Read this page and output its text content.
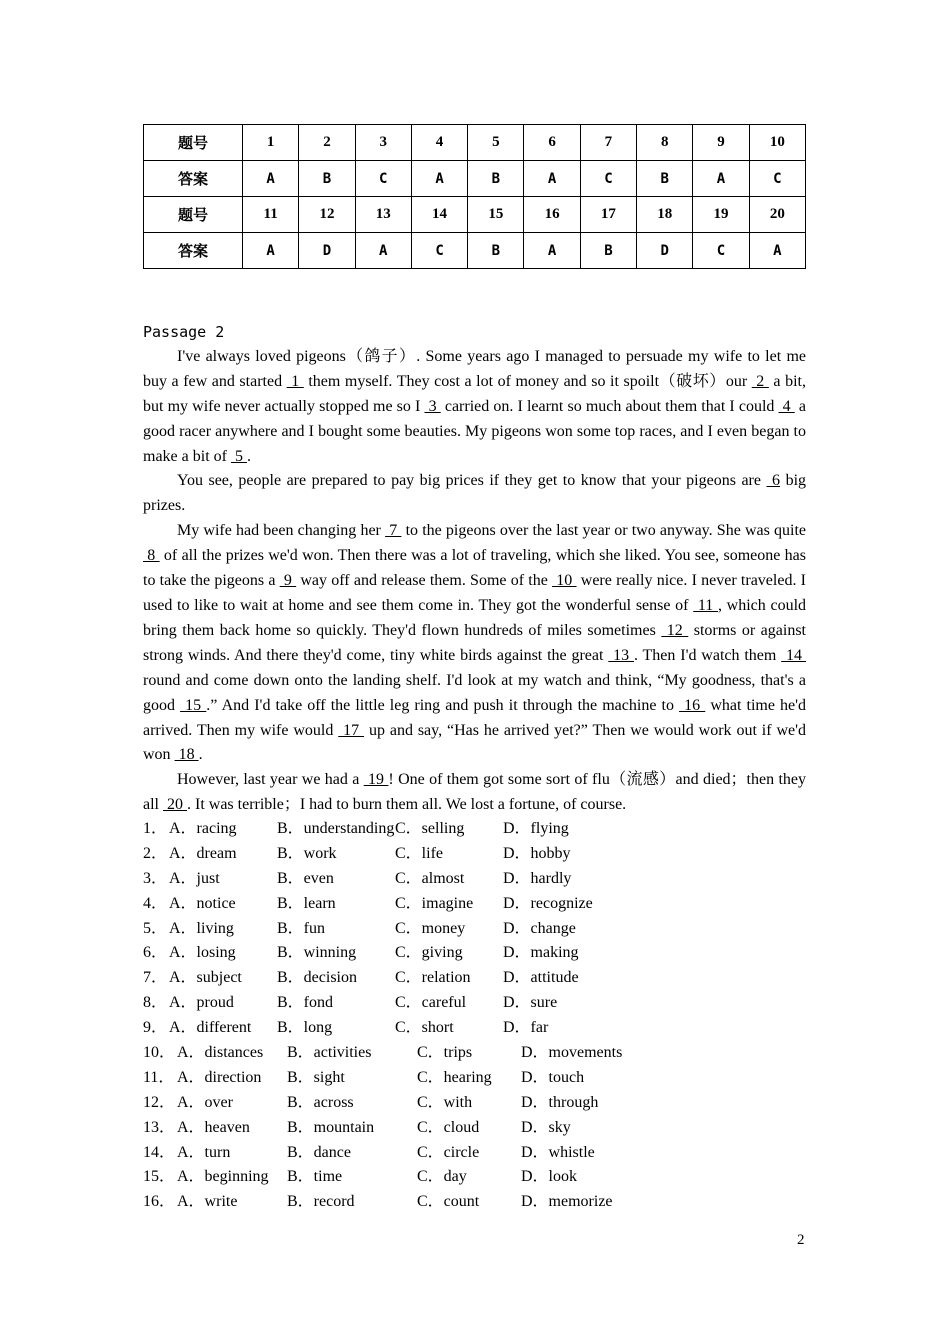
题号	1	2	3	4	5	6	7	8	9	10
答案	A	B	C	A	B	A	C	B	A	C
题号	11	12	13	14	15	16	17	18	19	20
答案	A	D	A	C	B	A	B	D	C	A
Passage 2

I've always loved pigeons（鸽子）. Some years ago I managed to persuade my wife to let me buy a few and started  1  them myself. They cost a lot of money and so it spoilt（破坏）our  2  a bit, but my wife never actually stopped me so I  3  carried on. I learnt so much about them that I could  4  a good racer anywhere and I bought some beauties. My pigeons won some top races, and I even began to make a bit of  5 .

You see, people are prepared to pay big prices if they get to know that your pigeons are  6 big prizes.

My wife had been changing her  7  to the pigeons over the last year or two anyway. She was quite  8  of all the prizes we'd won. Then there was a lot of traveling, which she liked. You see, someone has to take the pigeons a  9  way off and release them. Some of the  10  were really nice. I never traveled. I used to like to wait at home and see them come in. They got the wonderful sense of  11 , which could bring them back home so quickly. They'd flown hundreds of miles sometimes  12  storms or against strong winds. And there they'd come, tiny white birds against the great  13 . Then I'd watch them  14  round and come down onto the landing shelf. I'd look at my watch and think, “My goodness, that's a good  15 .” And I'd take off the little leg ring and push it through the machine to  16  what time he'd arrived. Then my wife would  17  up and say, “Has he arrived yet?” Then we would work out if we'd won  18 .

However, last year we had a  19 ! One of them got some sort of flu（流感）and died；then they all  20 . It was terrible；I had to burn them all. We lost a fortune, of course.

1． A．racing	B．understanding C．selling	D．flying
2． A．dream	B．work	C．life	D．hobby
3． A．just	B．even	C．almost	D．hardly
4． A．notice	B．learn	C．imagine	D．recognize
5． A．living	B．fun	C．money	D．change
6． A．losing	B．winning	C．giving	D．making
7． A．subject	B．decision	C．relation	D．attitude
8． A．proud	B．fond	C．careful	D．sure
9． A．different	B．long	C．short	D．far
10． A．distances	B．activities	C．trips	D．movements
11． A．direction	B．sight	C．hearing	D．touch
12． A．over	B．across	C．with	D．through
13． A．heaven	B．mountain	C．cloud	D．sky
14． A．turn	B．dance	C．circle	D．whistle
15． A．beginning	B．time	C．day	D．look
16． A．write	B．record	C．count	D．memorize
2
